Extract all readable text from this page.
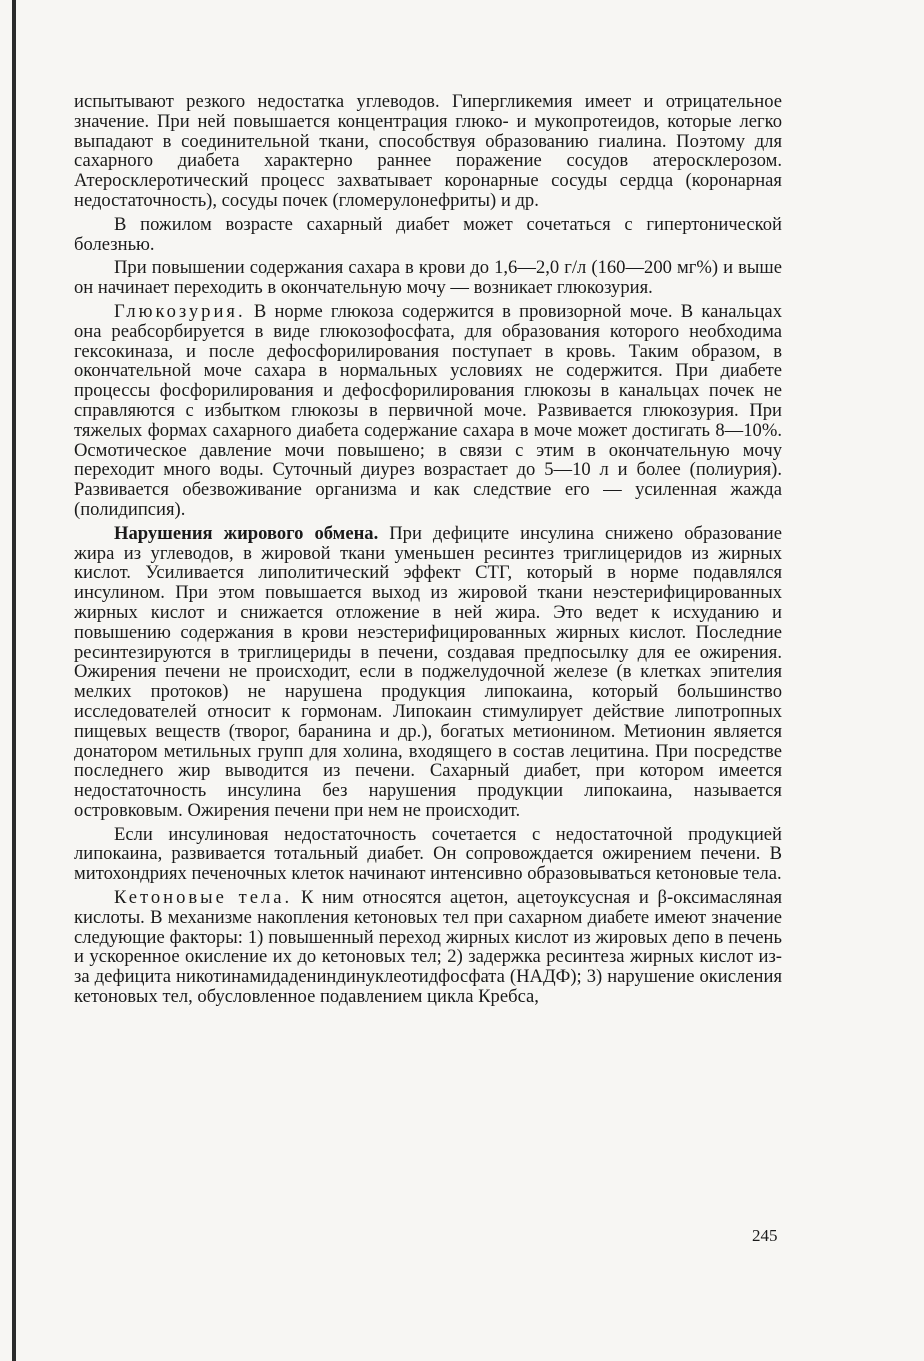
испытывают резкого недостатка углеводов. Гипергликемия имеет и отрицательное значение. При ней повышается концентрация глюко- и мукопротеидов, которые легко выпадают в соединительной ткани, способствуя образованию гиалина. Поэтому для сахарного диабета характерно раннее поражение сосудов атеросклерозом. Атеросклеротический процесс захватывает коронарные сосуды сердца (коронарная недостаточность), сосуды почек (гломерулонефриты) и др.

В пожилом возрасте сахарный диабет может сочетаться с гипертонической болезнью.

При повышении содержания сахара в крови до 1,6—2,0 г/л (160—200 мг%) и выше он начинает переходить в окончательную мочу — возникает глюкозурия.

Глюкозурия. В норме глюкоза содержится в провизорной моче. В канальцах она реабсорбируется в виде глюкозофосфата, для образования которого необходима гексокиназа, и после дефосфорилирования поступает в кровь. Таким образом, в окончательной моче сахара в нормальных условиях не содержится. При диабете процессы фосфорилирования и дефосфорилирования глюкозы в канальцах почек не справляются с избытком глюкозы в первичной моче. Развивается глюкозурия. При тяжелых формах сахарного диабета содержание сахара в моче может достигать 8—10%. Осмотическое давление мочи повышено; в связи с этим в окончательную мочу переходит много воды. Суточный диурез возрастает до 5—10 л и более (полиурия). Развивается обезвоживание организма и как следствие его — усиленная жажда (полидипсия).

Нарушения жирового обмена. При дефиците инсулина снижено образование жира из углеводов, в жировой ткани уменьшен ресинтез триглицеридов из жирных кислот. Усиливается липолитический эффект СТГ, который в норме подавлялся инсулином. При этом повышается выход из жировой ткани неэстерифицированных жирных кислот и снижается отложение в ней жира. Это ведет к исхуданию и повышению содержания в крови неэстерифицированных жирных кислот. Последние ресинтезируются в триглицериды в печени, создавая предпосылку для ее ожирения. Ожирения печени не происходит, если в поджелудочной железе (в клетках эпителия мелких протоков) не нарушена продукция липокаина, который большинство исследователей относит к гормонам. Липокаин стимулирует действие липотропных пищевых веществ (творог, баранина и др.), богатых метионином. Метионин является донатором метильных групп для холина, входящего в состав лецитина. При посредстве последнего жир выводится из печени. Сахарный диабет, при котором имеется недостаточность инсулина без нарушения продукции липокаина, называется островковым. Ожирения печени при нем не происходит.

Если инсулиновая недостаточность сочетается с недостаточной продукцией липокаина, развивается тотальный диабет. Он сопровождается ожирением печени. В митохондриях печеночных клеток начинают интенсивно образовываться кетоновые тела.

Кетоновые тела. К ним относятся ацетон, ацетоуксусная и β-оксимасляная кислоты. В механизме накопления кетоновых тел при сахарном диабете имеют значение следующие факторы: 1) повышенный переход жирных кислот из жировых депо в печень и ускоренное окисление их до кетоновых тел; 2) задержка ресинтеза жирных кислот из-за дефицита никотинамидадениндинуклеотидфосфата (НАДФ); 3) нарушение окисления кетоновых тел, обусловленное подавлением цикла Кребса,

245
